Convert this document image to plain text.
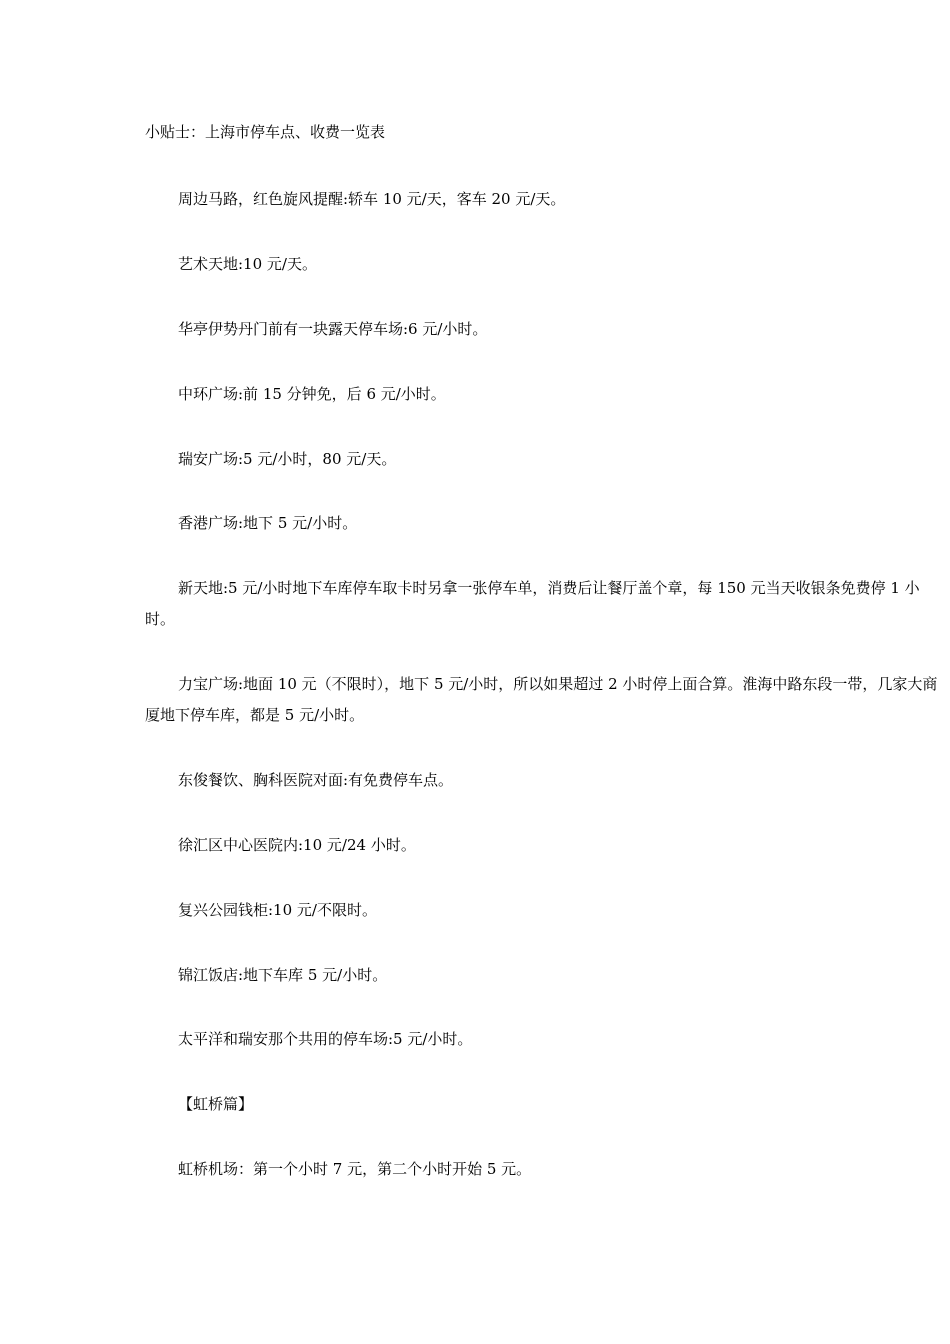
小贴士：上海市停车点、收费一览表

周边马路，红色旋风提醒:轿车 10 元/天，客车 20 元/天。

艺术天地:10 元/天。

华亭伊势丹门前有一块露天停车场:6 元/小时。

中环广场:前 15 分钟免，后 6 元/小时。

瑞安广场:5 元/小时，80 元/天。

香港广场:地下 5 元/小时。

新天地:5 元/小时地下车库停车取卡时另拿一张停车单，消费后让餐厅盖个章，每 150 元当天收银条免费停 1 小时。

力宝广场:地面 10 元（不限时），地下 5 元/小时，所以如果超过 2 小时停上面合算。淮海中路东段一带，几家大商厦地下停车库，都是 5 元/小时。

东俊餐饮、胸科医院对面:有免费停车点。

徐汇区中心医院内:10 元/24 小时。

复兴公园钱柜:10 元/不限时。

锦江饭店:地下车库 5 元/小时。

太平洋和瑞安那个共用的停车场:5 元/小时。

【虹桥篇】

虹桥机场：第一个小时 7 元，第二个小时开始 5 元。
